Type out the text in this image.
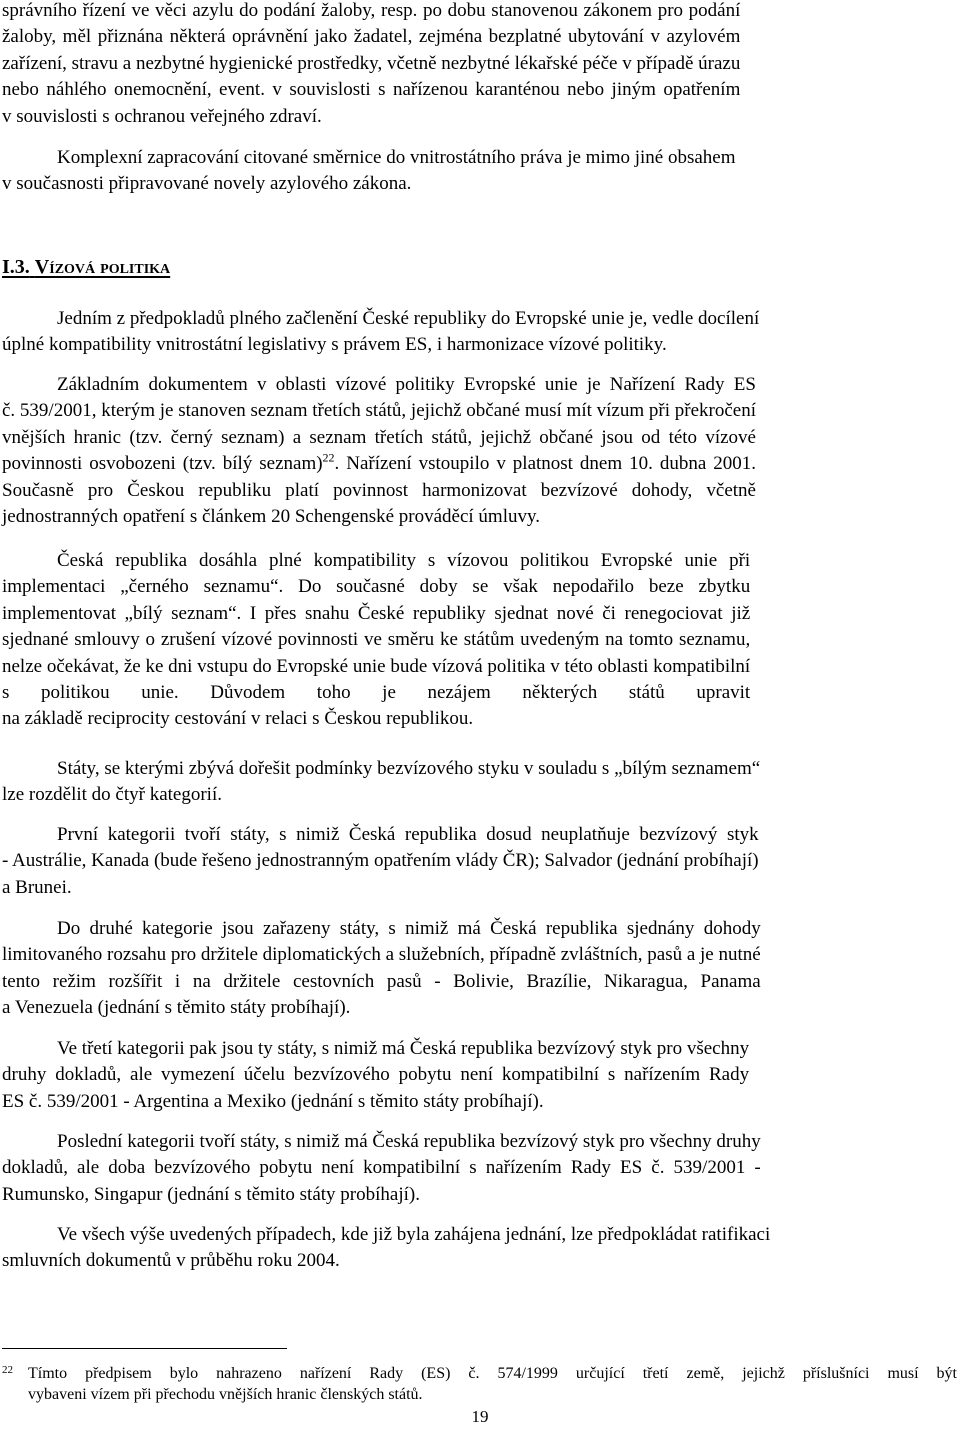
správního řízení ve věci azylu do podání žaloby, resp. po dobu stanovenou zákonem pro podání
žaloby, měl přiznána některá oprávnění jako žadatel, zejména bezplatné ubytování v azylovém
zařízení, stravu a nezbytné hygienické prostředky, včetně nezbytné lékařské péče v případě úrazu
nebo náhlého onemocnění, event. v souvislosti s nařízenou karanténou nebo jiným opatřením
v souvislosti s ochranou veřejného zdraví.
Komplexní zapracování citované směrnice do vnitrostátního práva je mimo jiné obsahem
v současnosti připravované novely azylového zákona.
I.3. Vízová politika
Jedním z předpokladů plného začlenění České republiky do Evropské unie je, vedle docílení
úplné kompatibility vnitrostátní legislativy s právem ES, i harmonizace vízové politiky.
Základním dokumentem v oblasti vízové politiky Evropské unie je Nařízení Rady ES
č. 539/2001, kterým je stanoven seznam třetích států, jejichž občané musí mít vízum při překročení
vnějších hranic (tzv. černý seznam) a seznam třetích států, jejichž občané jsou od této vízové
povinnosti osvobozeni (tzv. bílý seznam)$^{22}$. Nařízení vstoupilo v platnost dnem 10. dubna 2001.
Současně pro Českou republiku platí povinnost harmonizovat bezvízové dohody, včetně
jednostranných opatření s článkem 20 Schengenské prováděcí úmluvy.
Česká republika dosáhla plné kompatibility s vízovou politikou Evropské unie při
implementaci „černého seznamu“. Do současné doby se však nepodařilo beze zbytku
implementovat „bílý seznam“. I přes snahu České republiky sjednat nové či renegociovat již
sjednané smlouvy o zrušení vízové povinnosti ve směru ke státům uvedeným na tomto seznamu,
nelze očekávat, že ke dni vstupu do Evropské unie bude vízová politika v této oblasti kompatibilní
s politikou unie. Důvodem toho je nezájem některých států upravit
na základě reciprocity cestování v relaci s Českou republikou.
Státy, se kterými zbývá dořešit podmínky bezvízového styku v souladu s „bílým seznamem“
lze rozdělit do čtyř kategorií.
První kategorii tvoří státy, s nimiž Česká republika dosud neuplatňuje bezvízový styk
- Austrálie, Kanada (bude řešeno jednostranným opatřením vlády ČR); Salvador (jednání probíhají)
a Brunei.
Do druhé kategorie jsou zařazeny státy, s nimiž má Česká republika sjednány dohody
limitovaného rozsahu pro držitele diplomatických a služebních, případně zvláštních, pasů a je nutné
tento režim rozšířit i na držitele cestovních pasů - Bolivie, Brazílie, Nikaragua, Panama
a Venezuela (jednání s těmito státy probíhají).
Ve třetí kategorii pak jsou ty státy, s nimiž má Česká republika bezvízový styk pro všechny
druhy dokladů, ale vymezení účelu bezvízového pobytu není kompatibilní s nařízením Rady
ES č. 539/2001 - Argentina a Mexiko (jednání s těmito státy probíhají).
Poslední kategorii tvoří státy, s nimiž má Česká republika bezvízový styk pro všechny druhy
dokladů, ale doba bezvízového pobytu není kompatibilní s nařízením Rady ES č. 539/2001 -
Rumunsko, Singapur (jednání s těmito státy probíhají).
Ve všech výše uvedených případech, kde již byla zahájena jednání, lze předpokládat ratifikaci
smluvních dokumentů v průběhu roku 2004.
22 Tímto předpisem bylo nahrazeno nařízení Rady (ES) č. 574/1999 určující třetí země, jejichž příslušníci musí být
vybaveni vízem při přechodu vnějších hranic členských států.
19
